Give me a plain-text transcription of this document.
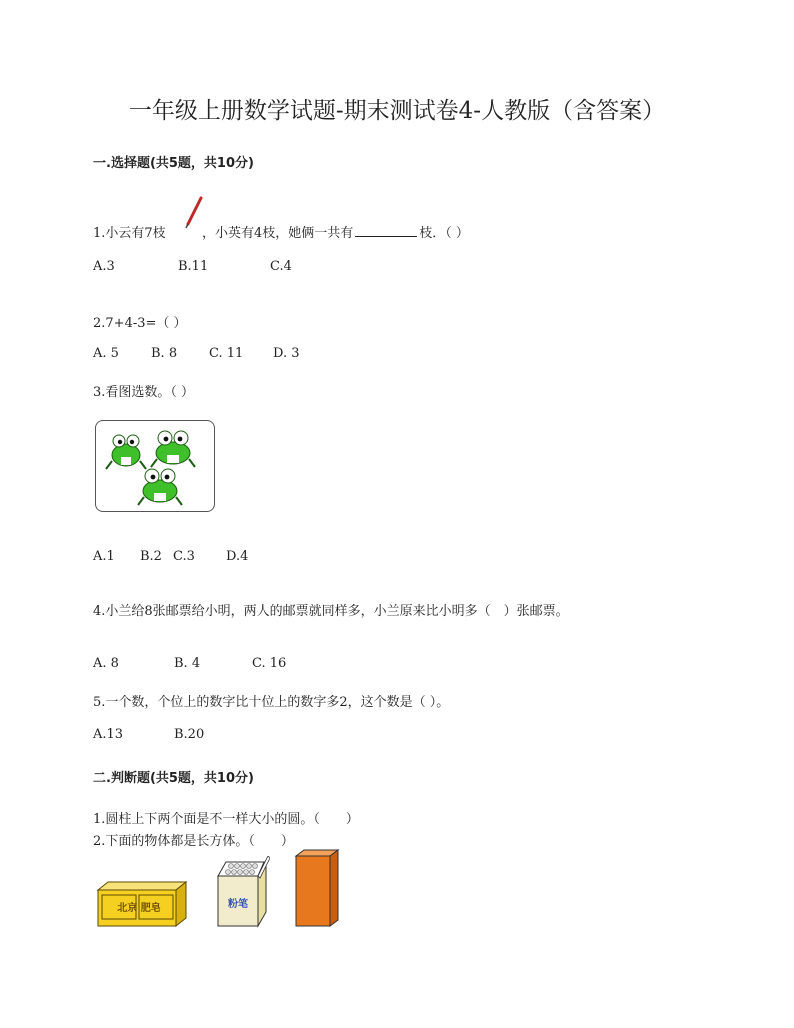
一年级上册数学试题-期末测试卷4-人教版（含答案）
一.选择题(共5题，共10分)
1.小云有7枝	，小英有4枝，她俩一共有	枝．（ ）
A.3	B.11	C.4
2.7+4-3=（ ）
A. 5 B. 8 C. 11 D. 3
3.看图选数。（ ）
A.1 B.2 C.3 D.4
4.小兰给8张邮票给小明，两人的邮票就同样多，小兰原来比小明多（　）张邮票。
A. 8	B. 4	C. 16
5.一个数，个位上的数字比十位上的数字多2，这个数是（ ）。
A.13	B.20
二.判断题(共5题，共10分)
1.圆柱上下两个面是不一样大小的圆。（　　）
2.下面的物体都是长方体。（　　）
北京 肥皂	粉笔
